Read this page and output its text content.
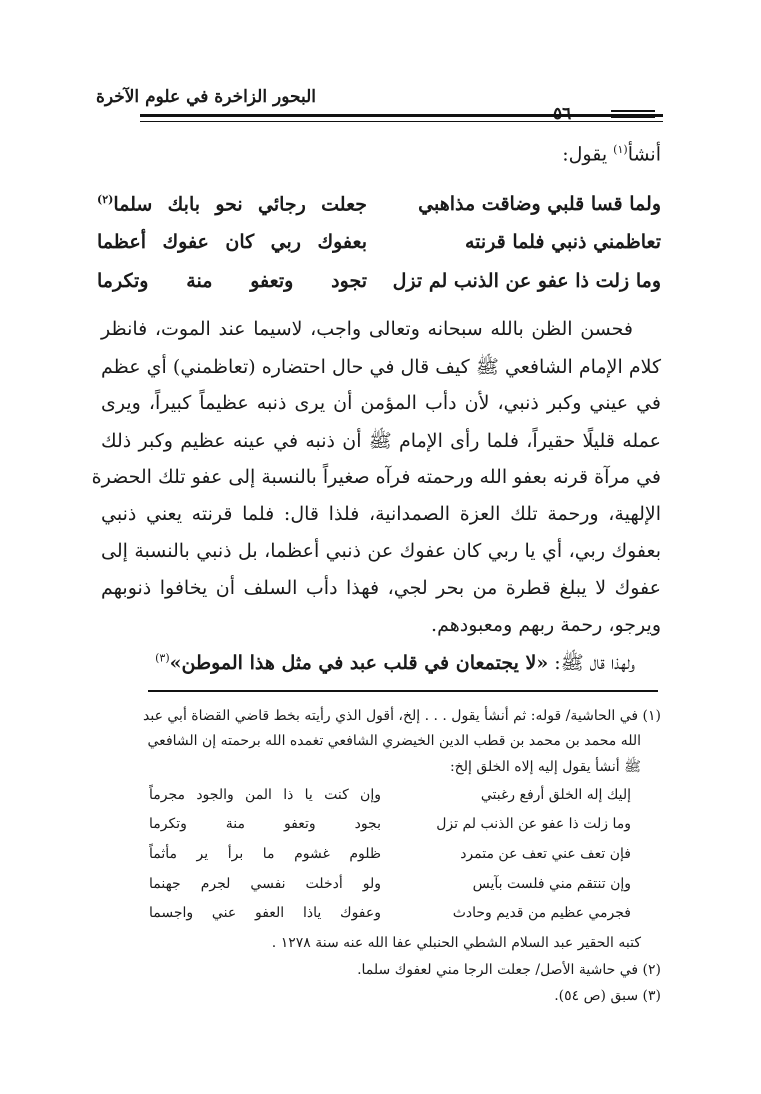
البحور الزاخرة في علوم الآخرة
أنشأ$^{(١)}$ يقول:
ولما قسا قلبي وضاقت مذاهبي
جعلت رجائي نحو بابك سلما$^{(٢)}$
تعاظمني ذنبي فلما قرنته
بعفوك ربي كان عفوك أعظما
وما زلت ذا عفو عن الذنب لم تزل
تجود وتعفو منة وتكرما
فحسن الظن بالله سبحانه وتعالى واجب، لاسيما عند الموت، فانظر
كلام الإمام الشافعي ﷺ كيف قال في حال احتضاره (تعاظمني) أي عظم
في عيني وكبر ذنبي، لأن دأب المؤمن أن يرى ذنبه عظيماً كبيراً، ويرى
عمله قليلًا حقيراً، فلما رأى الإمام ﷺ أن ذنبه في عينه عظيم وكبر ذلك
في مرآة قرنه بعفو الله ورحمته فرآه صغيراً بالنسبة إلى عفو تلك الحضرة
الإلهية، ورحمة تلك العزة الصمدانية، فلذا قال: فلما قرنته يعني ذنبي
بعفوك ربي، أي يا ربي كان عفوك عن ذنبي أعظما، بل ذنبي بالنسبة إلى
عفوك لا يبلغ قطرة من بحر لجي، فهذا دأب السلف أن يخافوا ذنوبهم
ويرجو، رحمة ربهم ومعبودهم.
ولهذا قال ﷺ: «لا يجتمعان في قلب عبد في مثل هذا الموطن»$^{(٣)}$
(١) في الحاشية/ قوله: ثم أنشأ يقول . . . إلخ، أقول الذي رأيته بخط قاضي القضاة أبي عبد
الله محمد بن محمد بن قطب الدين الخيضري الشافعي تغمده الله برحمته إن الشافعي
ﷺ أنشأ يقول إليه إلاه الخلق إلخ:
إليك إله الخلق أرفع رغبتي
وإن كنت يا ذا المن والجود مجرماً
وما زلت ذا عفو عن الذنب لم تزل
بجود وتعفو منة وتكرما
فإن تعف عني تعف عن متمرد
ظلوم غشوم ما برأ ير مأثماً
وإن تنتقم مني فلست بآيس
ولو أدخلت نفسي لجرم جهنما
فجرمي عظيم من قديم وحادث
وعفوك ياذا العفو عني واجسما
كتبه الحقير عبد السلام الشطي الحنبلي عفا الله عنه سنة ١٢٧٨ .
(٢) في حاشية الأصل/ جعلت الرجا مني لعفوك سلما.
(٣) سبق (ص ٥٤).
